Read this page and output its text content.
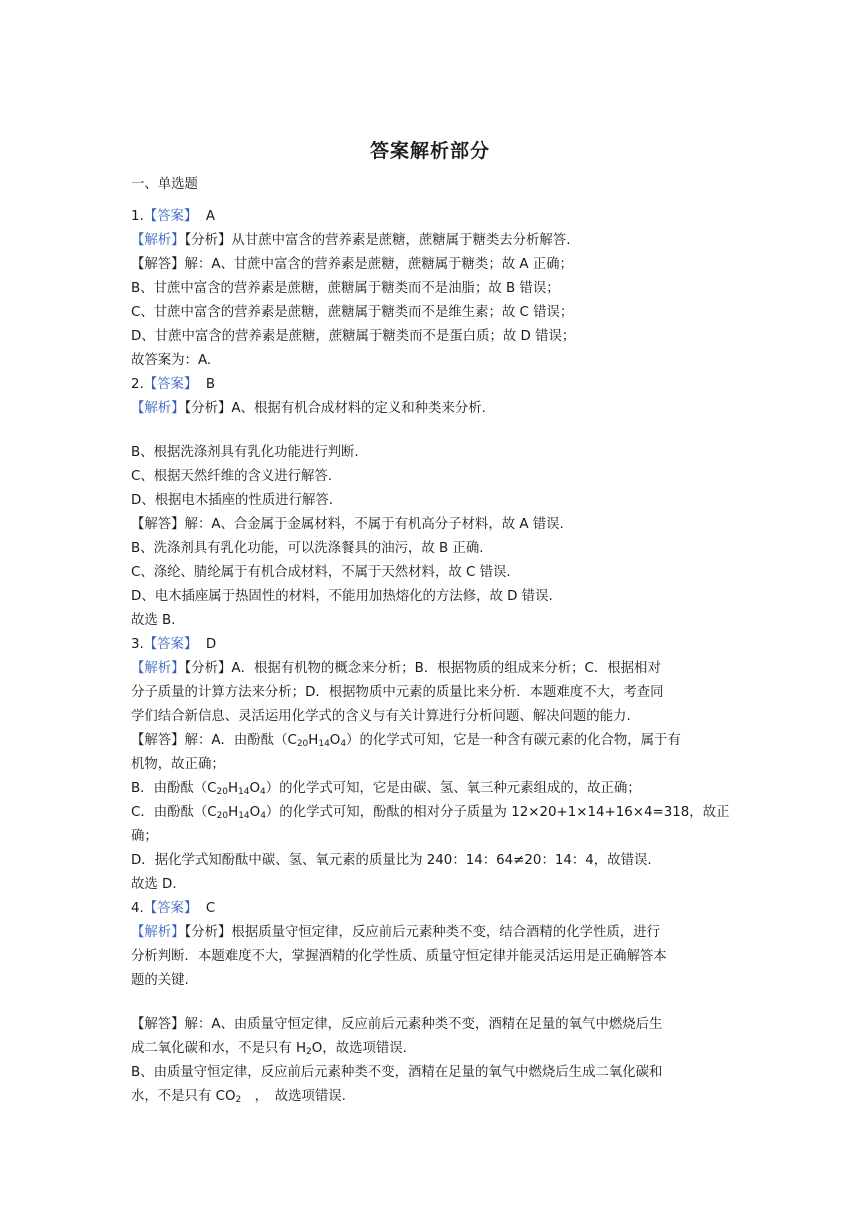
答案解析部分
一、单选题
1.【答案】 A
【解析】【分析】从甘蔗中富含的营养素是蔗糖，蔗糖属于糖类去分析解答.
【解答】解：A、甘蔗中富含的营养素是蔗糖，蔗糖属于糖类；故 A 正确；
B、甘蔗中富含的营养素是蔗糖，蔗糖属于糖类而不是油脂；故 B 错误；
C、甘蔗中富含的营养素是蔗糖，蔗糖属于糖类而不是维生素；故 C 错误；
D、甘蔗中富含的营养素是蔗糖，蔗糖属于糖类而不是蛋白质；故 D 错误；
故答案为：A.
2.【答案】 B
【解析】【分析】A、根据有机合成材料的定义和种类来分析.
B、根据洗涤剂具有乳化功能进行判断.
C、根据天然纤维的含义进行解答.
D、根据电木插座的性质进行解答.
【解答】解：A、合金属于金属材料，不属于有机高分子材料，故 A 错误.
B、洗涤剂具有乳化功能，可以洗涤餐具的油污，故 B 正确.
C、涤纶、腈纶属于有机合成材料，不属于天然材料，故 C 错误.
D、电木插座属于热固性的材料，不能用加热熔化的方法修，故 D 错误.
故选 B.
3.【答案】 D
【解析】【分析】A．根据有机物的概念来分析；B．根据物质的组成来分析；C．根据相对
分子质量的计算方法来分析；D．根据物质中元素的质量比来分析．本题难度不大，考查同
学们结合新信息、灵活运用化学式的含义与有关计算进行分析问题、解决问题的能力.
【解答】解：A．由酚酞$(C_{20}H_{14}O_4)$的化学式可知，它是一种含有碳元素的化合物，属于有
机物，故正确；
B．由酚酞$(C_{20}H_{14}O_4)$的化学式可知，它是由碳、氢、氧三种元素组成的，故正确；
C．由酚酞$(C_{20}H_{14}O_4)$的化学式可知，酚酞的相对分子质量为 12×20+1×14+16×4=318，故正
确；
D．据化学式知酚酞中碳、氢、氧元素的质量比为 240：14：64≠20：14：4，故错误.
故选 D.
4.【答案】 C
【解析】【分析】根据质量守恒定律，反应前后元素种类不变，结合酒精的化学性质，进行
分析判断．本题难度不大，掌握酒精的化学性质、质量守恒定律并能灵活运用是正确解答本
题的关键.
【解答】解：A、由质量守恒定律，反应前后元素种类不变，酒精在足量的氧气中燃烧后生
成二氧化碳和水，不是只有 $H_2O$，故选项错误.
B、由质量守恒定律，反应前后元素种类不变，酒精在足量的氧气中燃烧后生成二氧化碳和
水，不是只有 $CO_2$　，　故选项错误.
